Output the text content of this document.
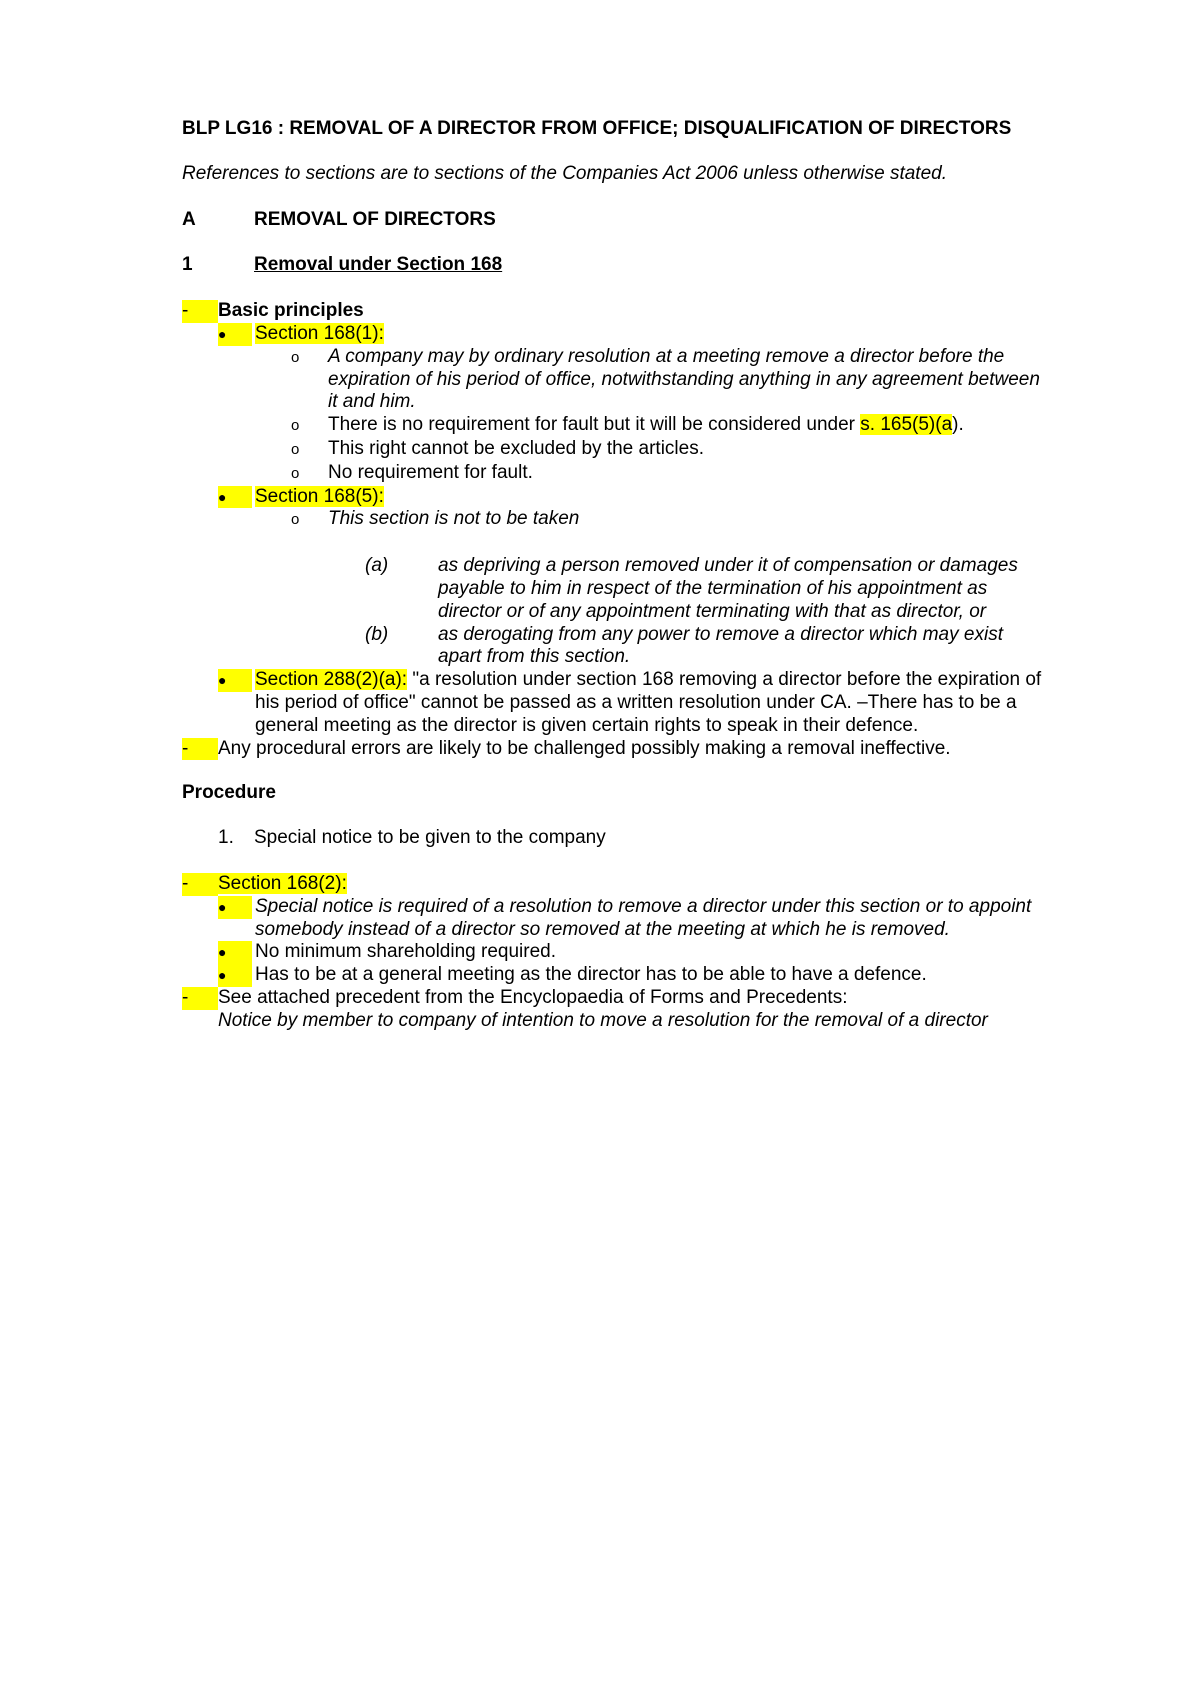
BLP LG16 : REMOVAL OF A DIRECTOR FROM OFFICE; DISQUALIFICATION OF DIRECTORS

References to sections are to sections of the Companies Act 2006 unless otherwise stated.

A	REMOVAL OF DIRECTORS
1	Removal under Section 168
-	Basic principles
●	Section 168(1):
o	A company may by ordinary resolution at a meeting remove a director before the expiration of his period of office, notwithstanding anything in any agreement between it and him.
o	There is no requirement for fault but it will be considered under s. 165(5)(a).
o	This right cannot be excluded by the articles.
o	No requirement for fault.
●	Section 168(5):
o	This section is not to be taken
(a)	as depriving a person removed under it of compensation or damages payable to him in respect of the termination of his appointment as director or of any appointment terminating with that as director, or
(b)	as derogating from any power to remove a director which may exist apart from this section.
●	Section 288(2)(a): "a resolution under section 168 removing a director before the expiration of his period of office" cannot be passed as a written resolution under CA. –There has to be a general meeting as the director is given certain rights to speak in their defence.
-	Any procedural errors are likely to be challenged possibly making a removal ineffective.

Procedure

1.	Special notice to be given to the company
-	Section 168(2):
●	Special notice is required of a resolution to remove a director under this section or to appoint somebody instead of a director so removed at the meeting at which he is removed.
●	No minimum shareholding required.
●	Has to be at a general meeting as the director has to be able to have a defence.
-	See attached precedent from the Encyclopaedia of Forms and Precedents:
Notice by member to company of intention to move a resolution for the removal of a director
